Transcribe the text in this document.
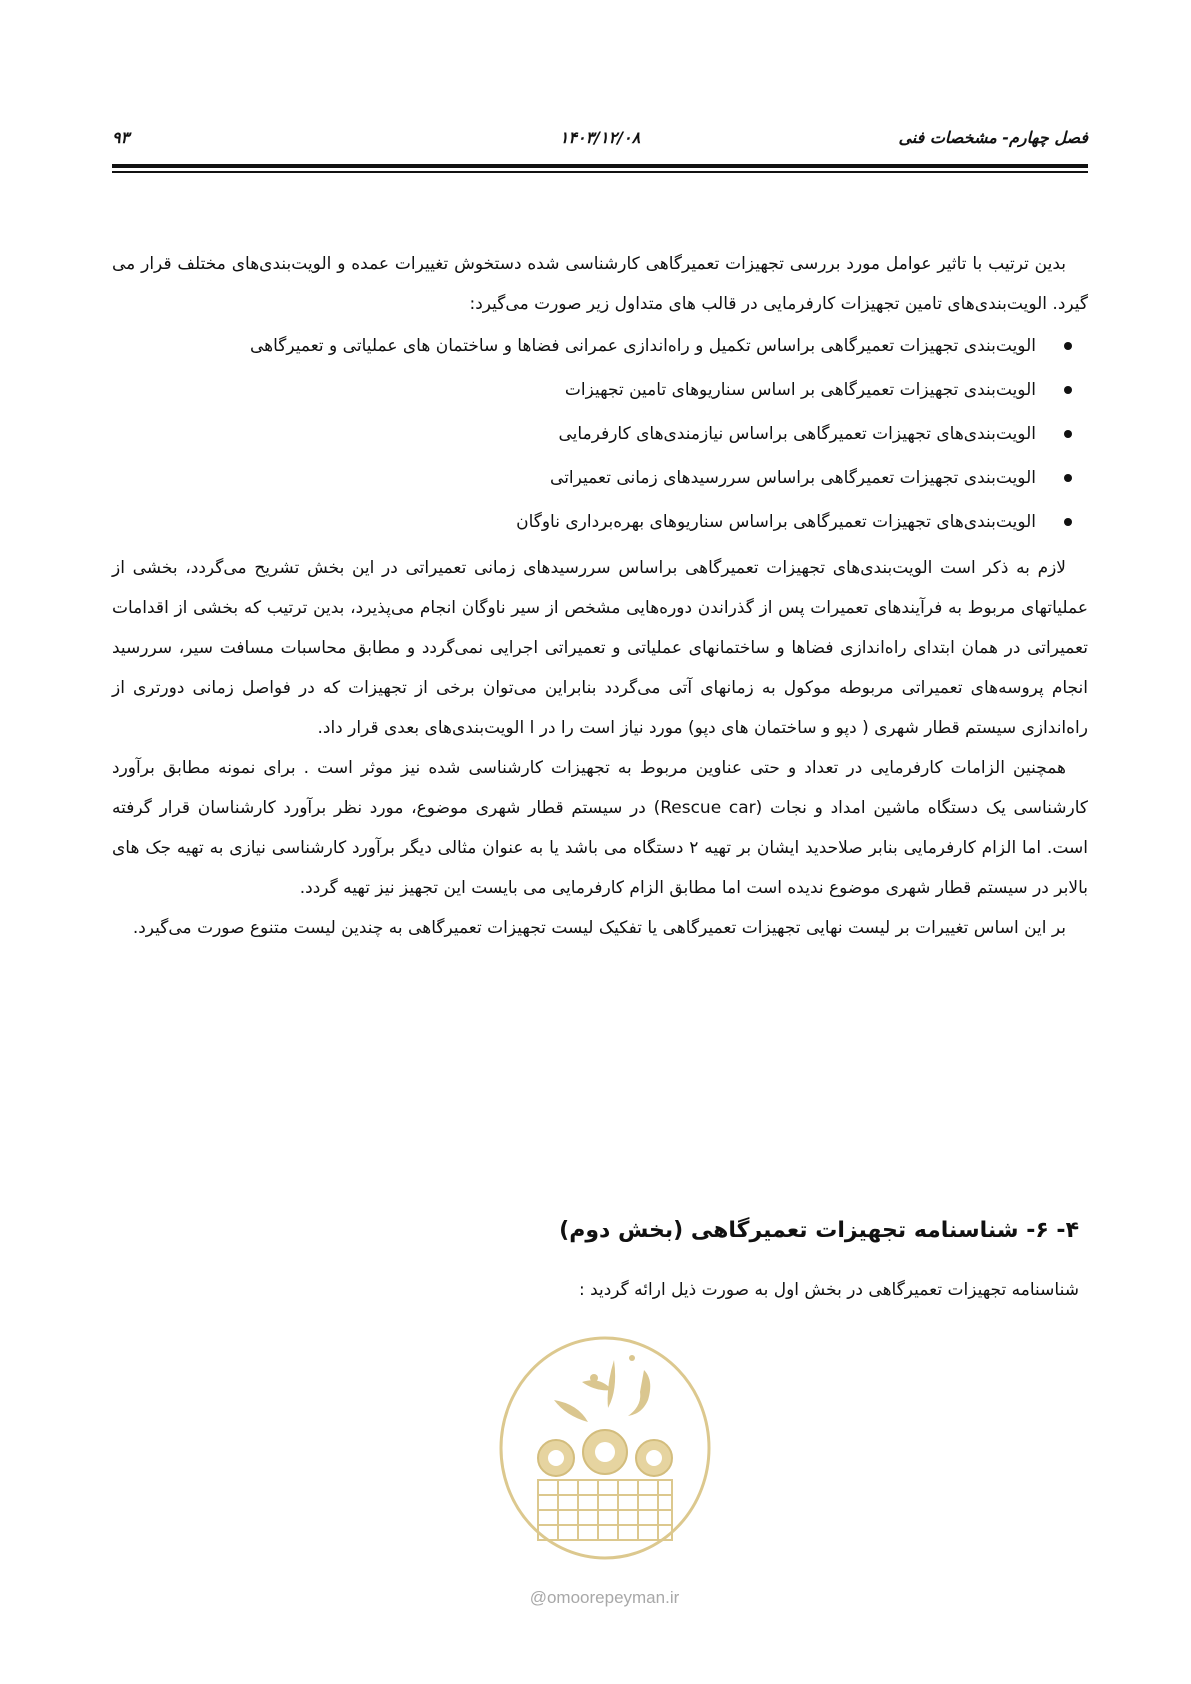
فصل چهارم- مشخصات فنی
۱۴۰۳/۱۲/۰۸
۹۳

بدین ترتیب با تاثیر عوامل مورد بررسی تجهیزات تعمیرگاهی کارشناسی شده دستخوش تغییرات عمده و الویت‌بندی‌های مختلف قرار می گیرد. الویت‌بندی‌های تامین تجهیزات کارفرمایی در قالب های متداول زیر صورت می‌گیرد:

الویت‌بندی تجهیزات تعمیرگاهی براساس تکمیل و راه‌اندازی عمرانی فضاها و ساختمان های عملیاتی و تعمیرگاهی
الویت‌بندی تجهیزات تعمیرگاهی بر اساس سناریوهای تامین تجهیزات
الویت‌بندی‌های تجهیزات تعمیرگاهی براساس نیازمندی‌های کارفرمایی
الویت‌بندی تجهیزات تعمیرگاهی براساس سررسیدهای زمانی تعمیراتی
الویت‌بندی‌های تجهیزات تعمیرگاهی براساس سناریوهای بهره‌برداری ناوگان

لازم به ذکر است الویت‌بندی‌های تجهیزات تعمیرگاهی براساس سررسیدهای زمانی تعمیراتی در این بخش تشریح می‌گردد، بخشی از عملیاتهای مربوط به فرآیندهای تعمیرات پس از گذراندن دوره‌هایی مشخص از سیر ناوگان انجام می‌پذیرد، بدین ترتیب که بخشی از اقدامات تعمیراتی در همان ابتدای راه‌اندازی فضاها و ساختمانهای عملیاتی و تعمیراتی اجرایی نمی‌گردد و مطابق محاسبات مسافت سیر، سررسید انجام پروسه‌های تعمیراتی مربوطه موکول به زمانهای آتی می‌گردد بنابراین می‌توان برخی از تجهیزات که در فواصل زمانی دورتری از راه‌اندازی سیستم قطار شهری ( دپو و ساختمان های دپو) مورد نیاز است را در ا الویت‌بندی‌های بعدی قرار داد.

همچنین الزامات کارفرمایی در تعداد و حتی عناوین مربوط به تجهیزات کارشناسی شده نیز موثر است . برای نمونه مطابق برآورد کارشناسی یک دستگاه ماشین امداد و نجات (Rescue car) در سیستم قطار شهری موضوع، مورد نظر برآورد کارشناسان قرار گرفته است. اما الزام کارفرمایی بنابر صلاحدید ایشان بر تهیه ۲ دستگاه می باشد یا به عنوان مثالی دیگر برآورد کارشناسی نیازی به تهیه جک های بالابر در سیستم قطار شهری موضوع ندیده است اما مطابق الزام کارفرمایی می بایست این تجهیز نیز تهیه گردد.

بر این اساس تغییرات بر لیست نهایی تجهیزات تعمیرگاهی یا تفکیک لیست تجهیزات تعمیرگاهی به چندین لیست متنوع صورت می‌گیرد.

۴- ۶- شناسنامه تجهیزات تعمیرگاهی (بخش دوم)
شناسنامه تجهیزات تعمیرگاهی در بخش اول به صورت ذیل ارائه گردید :
@omoorepeyman.ir
